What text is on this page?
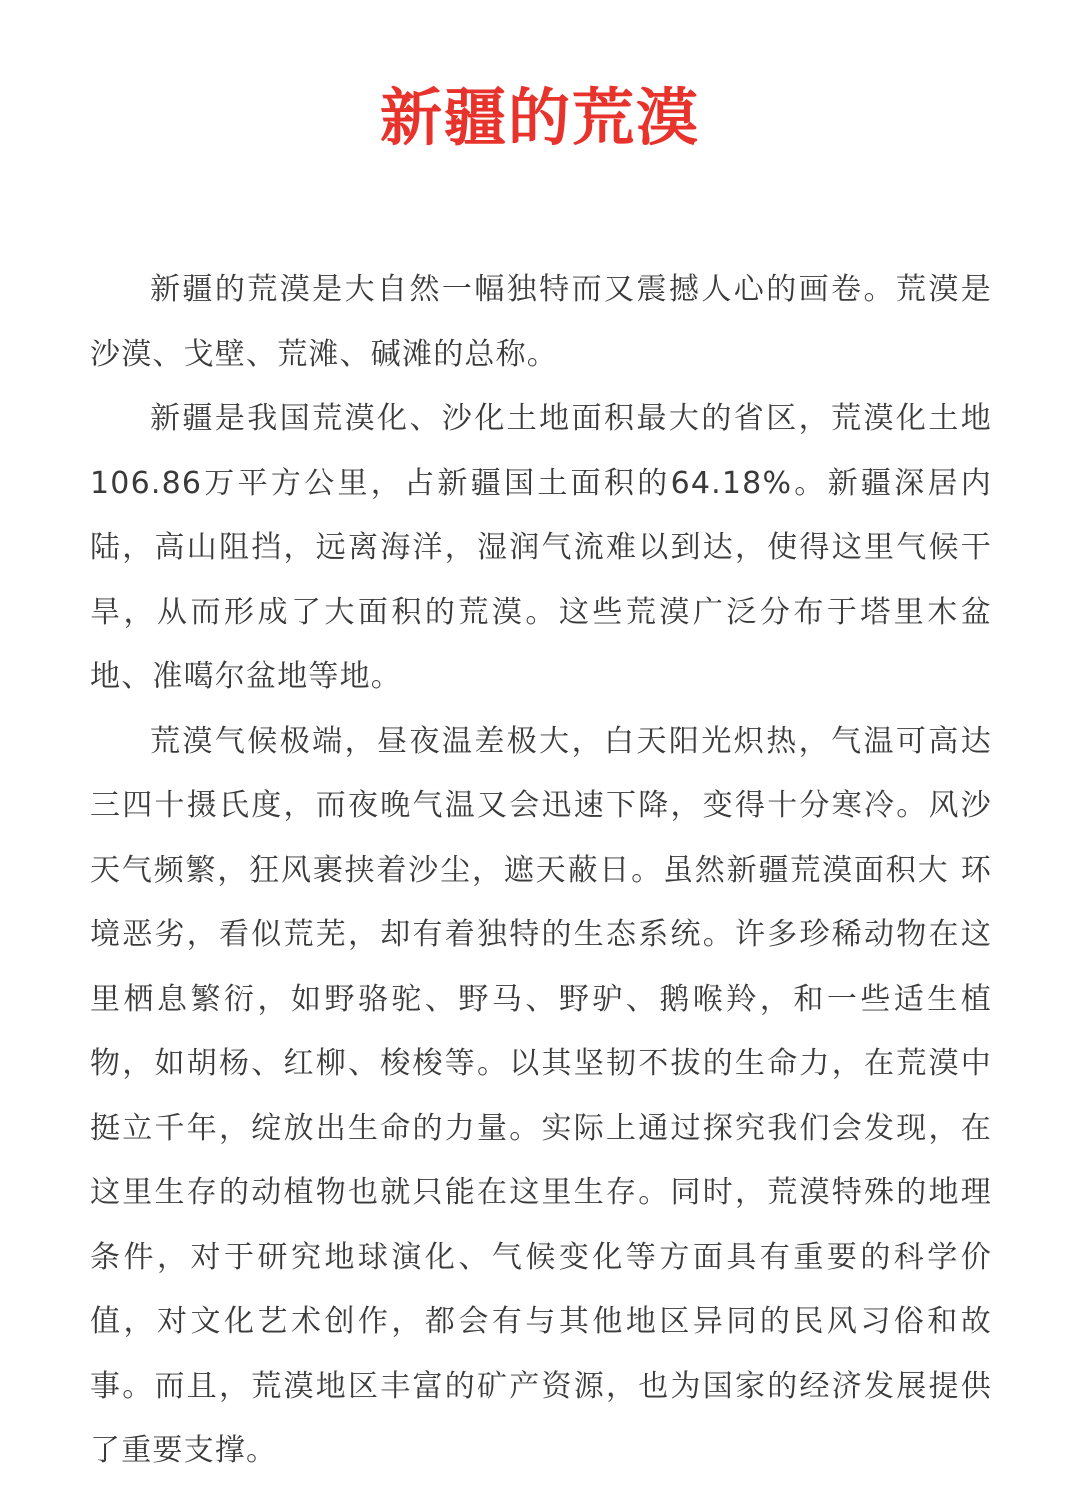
新疆的荒漠

新疆的荒漠是大自然一幅独特而又震撼人心的画卷。荒漠是沙漠、戈壁、荒滩、碱滩的总称。

新疆是我国荒漠化、沙化土地面积最大的省区，荒漠化土地106.86万平方公里，占新疆国土面积的64.18%。新疆深居内陆，高山阻挡，远离海洋，湿润气流难以到达，使得这里气候干旱，从而形成了大面积的荒漠。这些荒漠广泛分布于塔里木盆地、准噶尔盆地等地。

荒漠气候极端，昼夜温差极大，白天阳光炽热，气温可高达三四十摄氏度，而夜晚气温又会迅速下降，变得十分寒冷。风沙天气频繁，狂风裹挟着沙尘，遮天蔽日。虽然新疆荒漠面积大 环境恶劣，看似荒芜，却有着独特的生态系统。许多珍稀动物在这里栖息繁衍，如野骆驼、野马、野驴、鹅喉羚，和一些适生植物，如胡杨、红柳、梭梭等。以其坚韧不拔的生命力，在荒漠中挺立千年，绽放出生命的力量。实际上通过探究我们会发现，在这里生存的动植物也就只能在这里生存。同时，荒漠特殊的地理条件，对于研究地球演化、气候变化等方面具有重要的科学价值，对文化艺术创作，都会有与其他地区异同的民风习俗和故事。而且，荒漠地区丰富的矿产资源，也为国家的经济发展提供了重要支撑。
